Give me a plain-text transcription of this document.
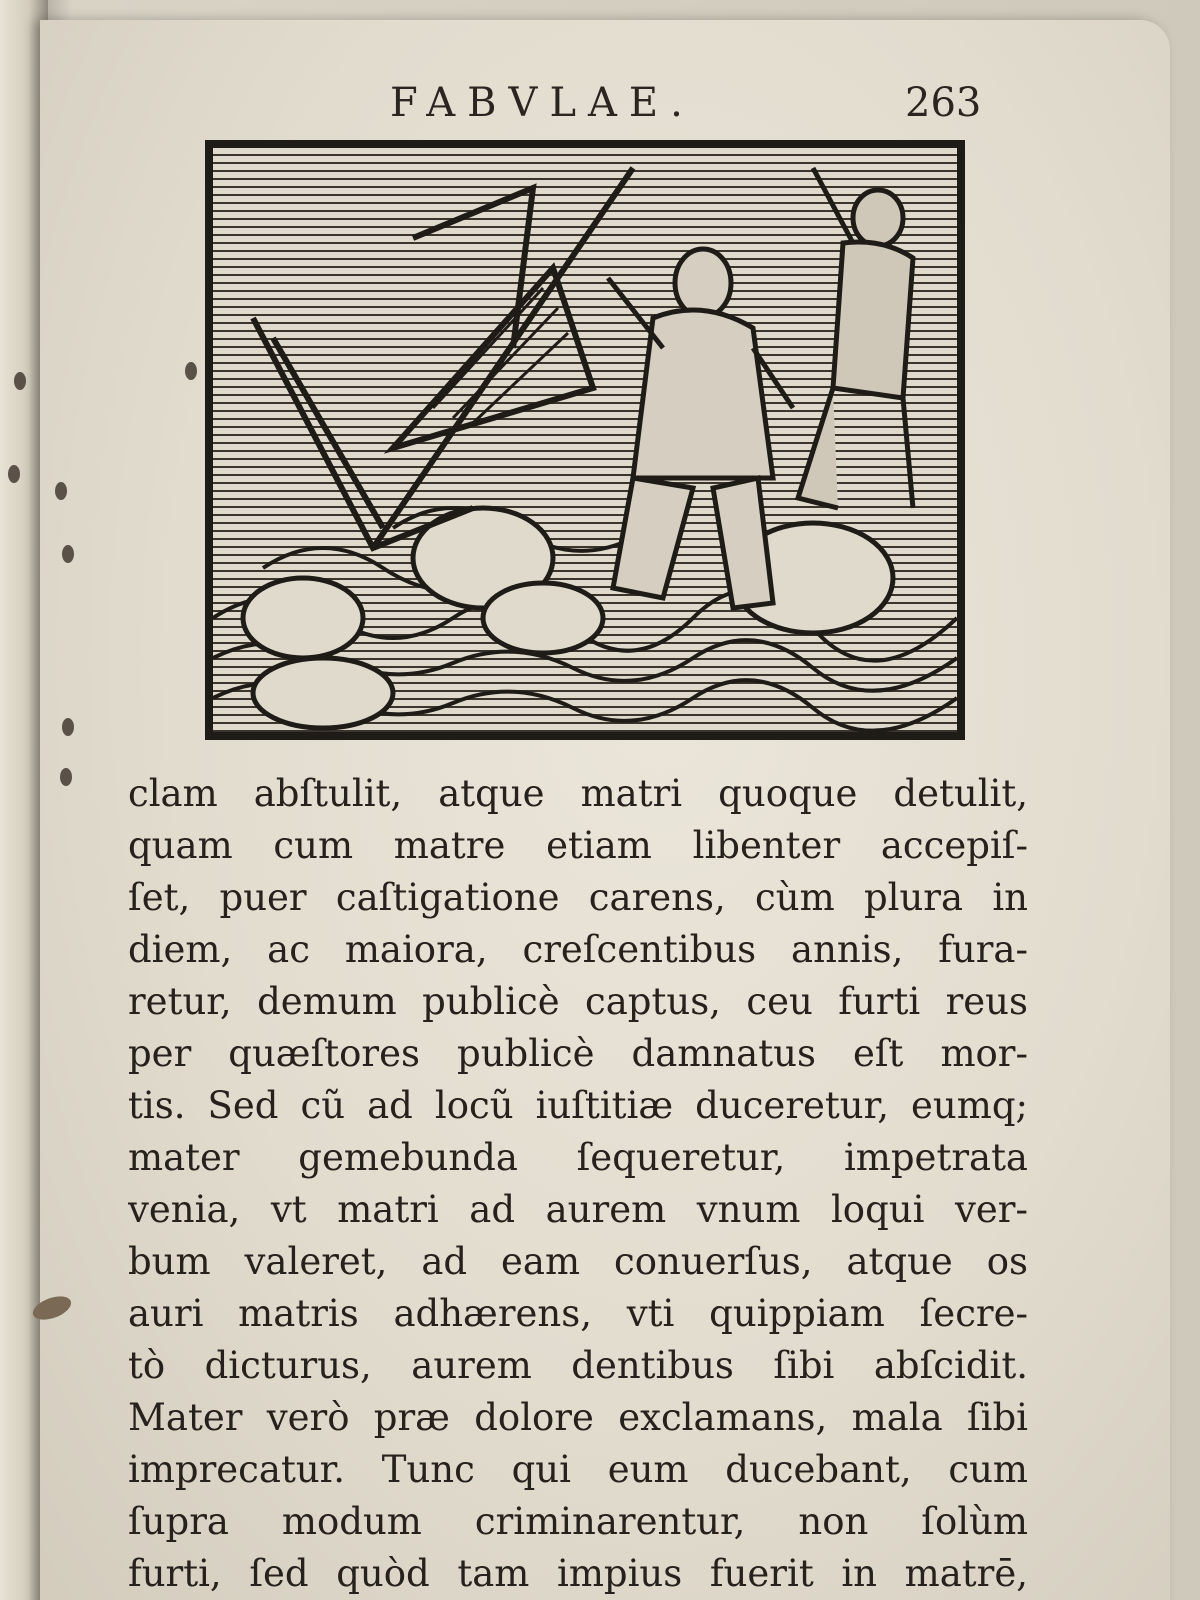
FABVLAE.	263
clam abſtulit, atque matri quoque detulit,
quam cum matre etiam libenter accepiſ-
ſet, puer caſtigatione carens, cùm plura in
diem, ac maiora, creſcentibus annis, fura-
retur, demum publicè captus, ceu furti reus
per quæſtores publicè damnatus eſt mor-
tis. Sed cũ ad locũ iuſtitiæ duceretur, eumq;
mater gemebunda ſequeretur, impetrata
venia, vt matri ad aurem vnum loqui ver-
bum valeret, ad eam conuerſus, atque os
auri matris adhærens, vti quippiam ſecre-
tò dicturus, aurem dentibus ſibi abſcidit.
Mater verò præ dolore exclamans, mala ſibi
imprecatur. Tunc qui eum ducebant, cum
ſupra modum criminarentur, non ſolùm
furti, ſed quòd tam impius fuerit in matrē,
